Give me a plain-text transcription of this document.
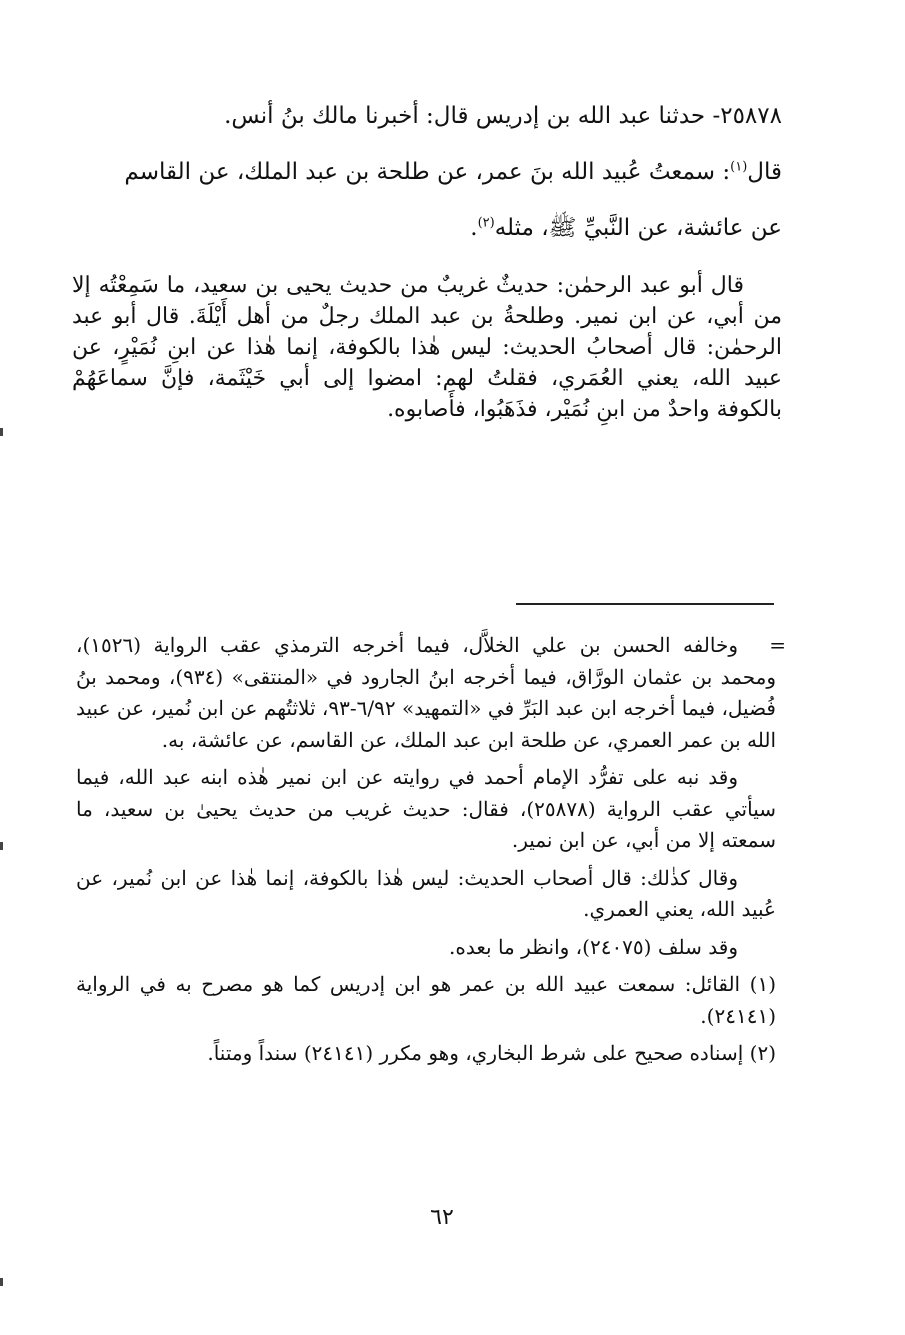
٢٥٨٧٨- حدثنا عبد الله بن إدريس قال: أخبرنا مالك بنُ أنس.

قال$^{(١)}$: سمعتُ عُبيد الله بنَ عمر، عن طلحة بن عبد الملك، عن القاسم

عن عائشة، عن النَّبيِّ ﷺ، مثله$^{(٢)}$.

قال أبو عبد الرحمٰن: حديثٌ غريبٌ من حديث يحيى بن سعيد، ما سَمِعْتُه إلا من أبي، عن ابن نمير. وطلحةُ بن عبد الملك رجلٌ من أهل أَيْلَةَ. قال أبو عبد الرحمٰن: قال أصحابُ الحديث: ليس هٰذا بالكوفة، إنما هٰذا عن ابنِ نُمَيْرٍ، عن عبيد الله، يعني العُمَري، فقلتُ لهم: امضوا إلى أبي خَيْثَمة، فإنَّ سماعَهُمْ بالكوفة واحدٌ من ابنِ نُمَيْر، فذَهَبُوا، فأَصابوه.

=

وخالفه الحسن بن علي الخلاَّل، فيما أخرجه الترمذي عقب الرواية (١٥٢٦)، ومحمد بن عثمان الورَّاق، فيما أخرجه ابنُ الجارود في «المنتقى» (٩٣٤)، ومحمد بنُ فُضيل، فيما أخرجه ابن عبد البَرِّ في «التمهيد» ٦/٩٢-٩٣، ثلاثتُهم عن ابن نُمير، عن عبيد الله بن عمر العمري، عن طلحة ابن عبد الملك، عن القاسم، عن عائشة، به.

وقد نبه على تفرُّد الإمام أحمد في روايته عن ابن نمير هٰذه ابنه عبد الله، فيما سيأتي عقب الرواية (٢٥٨٧٨)، فقال: حديث غريب من حديث يحيىٰ بن سعيد، ما سمعته إلا من أبي، عن ابن نمير.

وقال كذٰلك: قال أصحاب الحديث: ليس هٰذا بالكوفة، إنما هٰذا عن ابن نُمير، عن عُبيد الله، يعني العمري.

وقد سلف (٢٤٠٧٥)، وانظر ما بعده.

(١) القائل: سمعت عبيد الله بن عمر هو ابن إدريس كما هو مصرح به في الرواية (٢٤١٤١).

(٢) إسناده صحيح على شرط البخاري، وهو مكرر (٢٤١٤١) سنداً ومتناً.

٦٢
